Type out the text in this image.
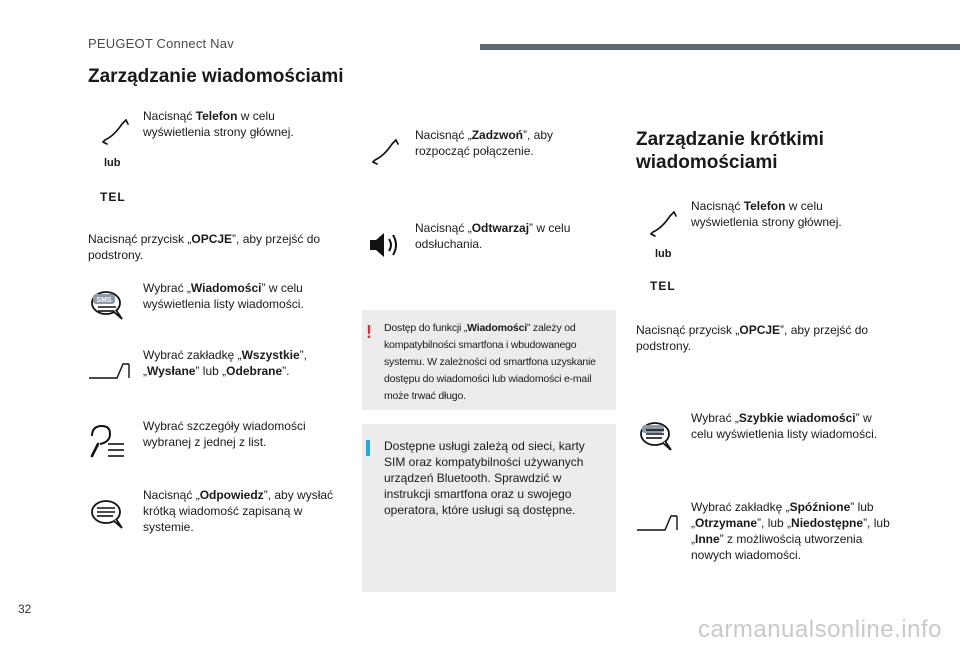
PEUGEOT Connect Nav
Zarządzanie wiadomościami
Nacisnąć Telefon w celu wyświetlenia strony głównej.
lub
TEL
Nacisnąć przycisk „OPCJE”, aby przejść do podstrony.
SMS
Wybrać „Wiadomości” w celu wyświetlenia listy wiadomości.
Wybrać zakładkę „Wszystkie”, „Wysłane” lub „Odebrane”.
Wybrać szczegóły wiadomości wybranej z jednej z list.
Nacisnąć „Odpowiedz”, aby wysłać krótką wiadomość zapisaną w systemie.
Nacisnąć „Zadzwoń”, aby rozpocząć połączenie.
Nacisnąć „Odtwarzaj” w celu odsłuchania.
! Dostęp do funkcji „Wiadomości” zależy od kompatybilności smartfona i wbudowanego systemu. W zależności od smartfona uzyskanie dostępu do wiadomości lub wiadomości e-mail może trwać długo.
Dostępne usługi zależą od sieci, karty SIM oraz kompatybilności używanych urządzeń Bluetooth. Sprawdzić w instrukcji smartfona oraz u swojego operatora, które usługi są dostępne.
Zarządzanie krótkimi wiadomościami
Nacisnąć Telefon w celu wyświetlenia strony głównej.
lub
TEL
Nacisnąć przycisk „OPCJE”, aby przejść do podstrony.
Wybrać „Szybkie wiadomości” w celu wyświetlenia listy wiadomości.
Wybrać zakładkę „Spóźnione” lub „Otrzymane”, lub „Niedostępne”, lub „Inne” z możliwością utworzenia nowych wiadomości.
32
carmanualsonline.info
